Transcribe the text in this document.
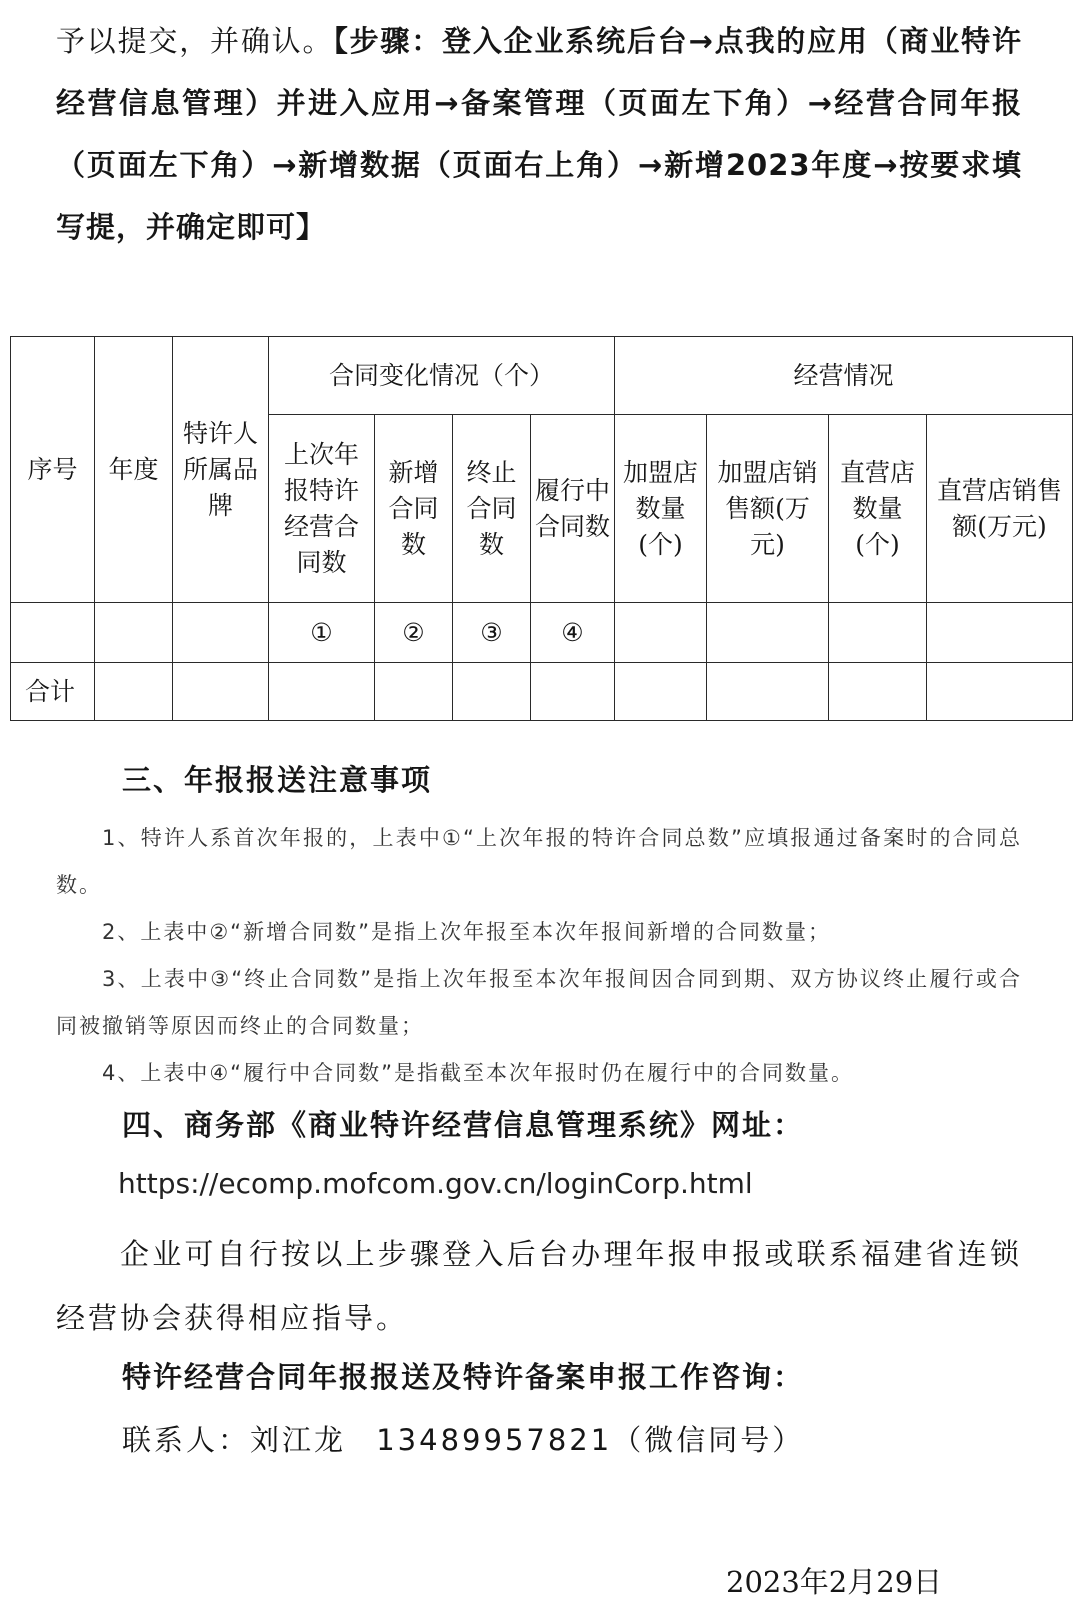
予以提交，并确认。【步骤：登入企业系统后台→点我的应用（商业特许经营信息管理）并进入应用→备案管理（页面左下角）→经营合同年报（页面左下角）→新增数据（页面右上角）→新增2023年度→按要求填写提，并确定即可】

序号	年度	特许人所属品牌	合同变化情况（个）				经营情况			
			上次年报特许经营合同数	新增合同数	终止合同数	履行中合同数	加盟店数量(个)	加盟店销售额(万元)	直营店数量(个)	直营店销售额(万元)
			①	②	③	④				
合计										
三、年报报送注意事项

1、特许人系首次年报的，上表中①“上次年报的特许合同总数”应填报通过备案时的合同总数。

2、上表中②“新增合同数”是指上次年报至本次年报间新增的合同数量；

3、上表中③“终止合同数”是指上次年报至本次年报间因合同到期、双方协议终止履行或合同被撤销等原因而终止的合同数量；

4、上表中④“履行中合同数”是指截至本次年报时仍在履行中的合同数量。

四、商务部《商业特许经营信息管理系统》网址：
https://ecomp.mofcom.gov.cn/loginCorp.html

企业可自行按以上步骤登入后台办理年报申报或联系福建省连锁经营协会获得相应指导。

特许经营合同年报报送及特许备案申报工作咨询：
联系人：刘江龙 13489957821（微信同号）
2023年2月29日
